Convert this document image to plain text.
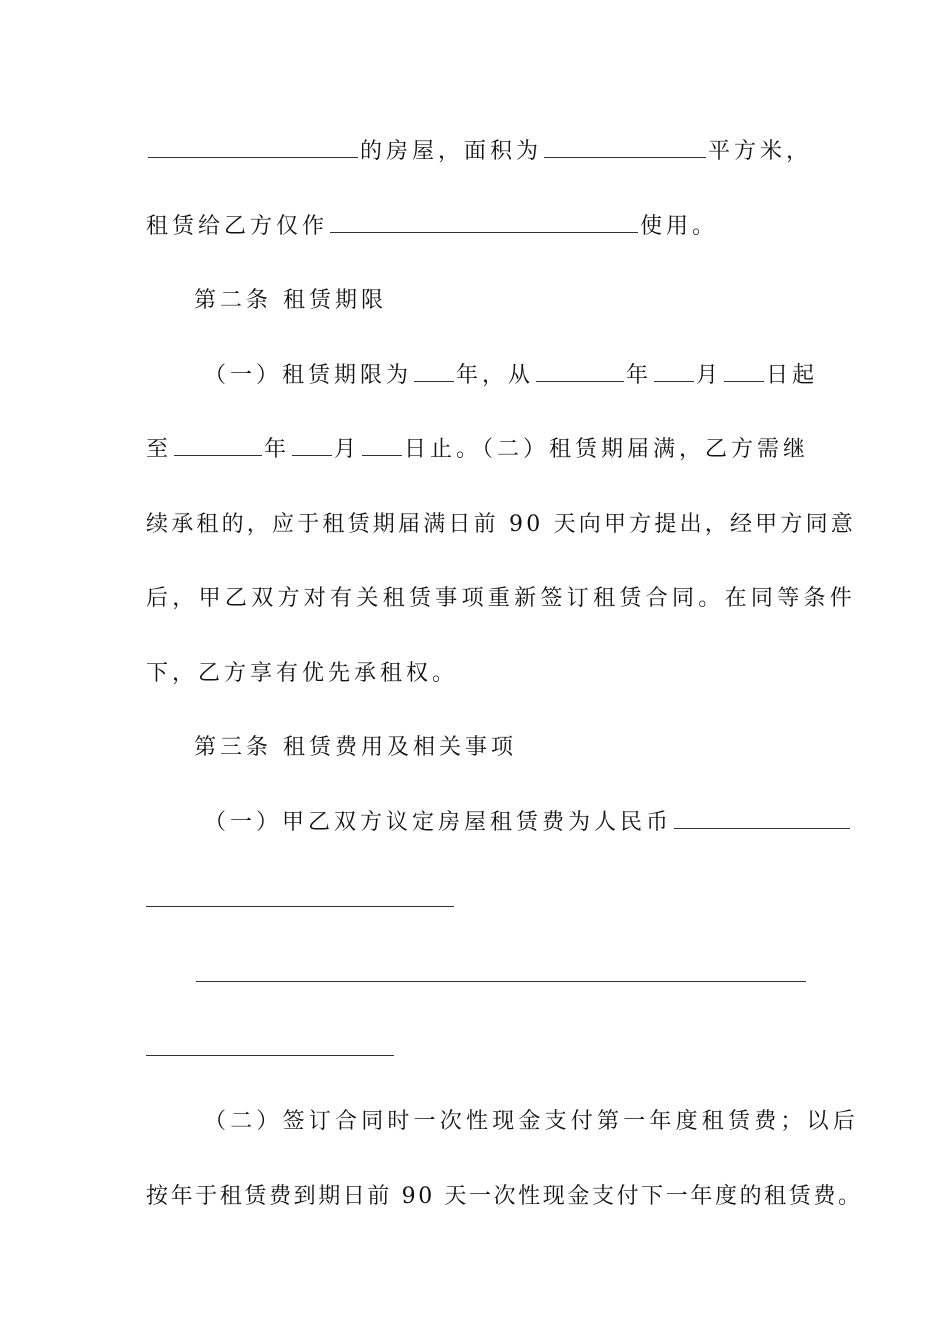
的房屋，面积为	平方米，
租赁给乙方仅作	使用。
第二条 租赁期限
（一）租赁期限为 年，从	年 月 日起
至	年 月 日止。（二）租赁期届满，乙方需继
续承租的，应于租赁期届满日前 90 天向甲方提出，经甲方同意
后，甲乙双方对有关租赁事项重新签订租赁合同。在同等条件
下，乙方享有优先承租权。
第三条 租赁费用及相关事项
（一）甲乙双方议定房屋租赁费为人民币
（二）签订合同时一次性现金支付第一年度租赁费；以后
按年于租赁费到期日前 90 天一次性现金支付下一年度的租赁费。
